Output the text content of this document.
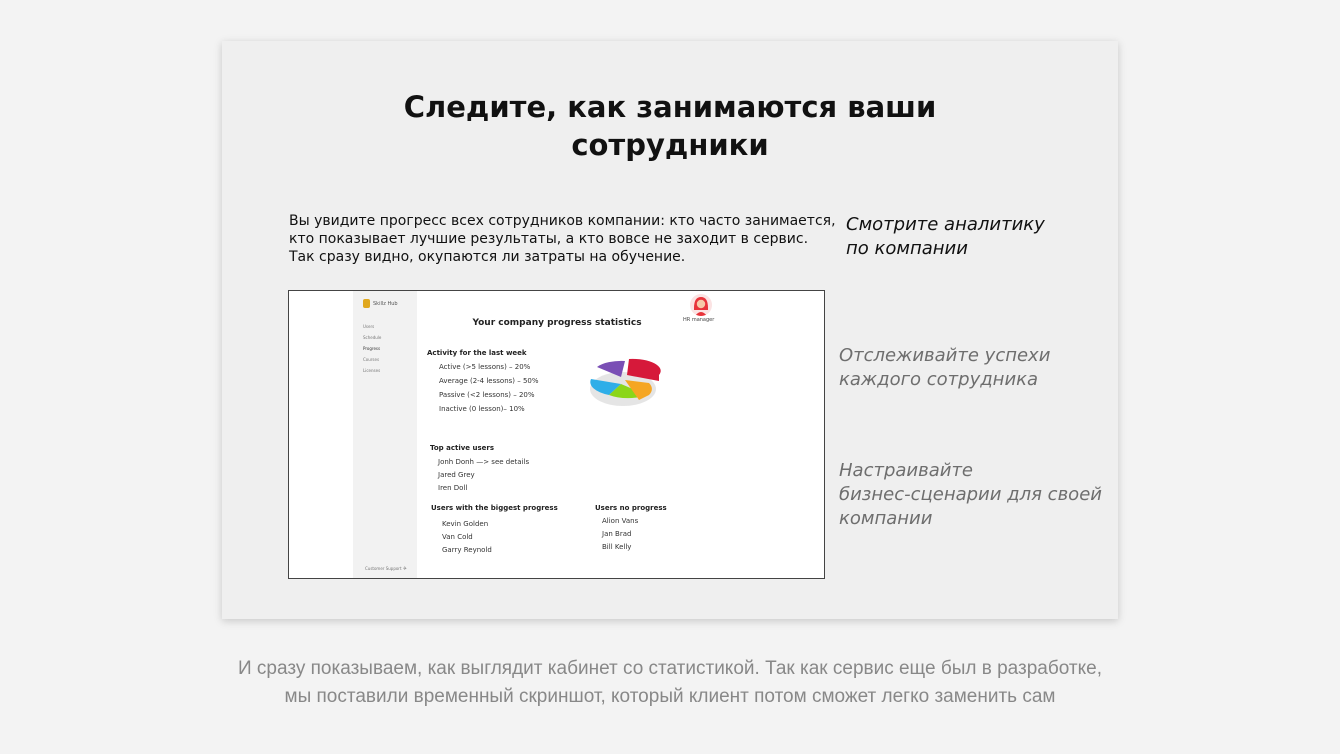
Следите, как занимаются ваши
сотрудники
Вы увидите прогресс всех сотрудников компании: кто часто занимается,
кто показывает лучшие результаты, а кто вовсе не заходит в сервис.
Так сразу видно, окупаются ли затраты на обучение.
Смотрите аналитику
по компании
Отслеживайте успехи
каждого сотрудника
Настраивайте
бизнес-сценарии для своей
компании
Skillz Hub
Users
Schedule
Progress
Courses
Licenses
Customer Support ✈
HR manager
Your company progress statistics
Activity for the last week
Active (>5 lessons) – 20%
Average (2-4 lessons) – 50%
Passive (<2 lessons) – 20%
Inactive (0 lesson)– 10%
Top active users
Jonh Donh —> see details
Jared Grey
Iren Doll
Users with the biggest progress
Kevin Golden
Van Cold
Garry Reynold
Users no progress
Alion Vans
Jan Brad
Bill Kelly
И сразу показываем, как выглядит кабинет со статистикой. Так как сервис еще был в разработке,
мы поставили временный скриншот, который клиент потом сможет легко заменить сам
